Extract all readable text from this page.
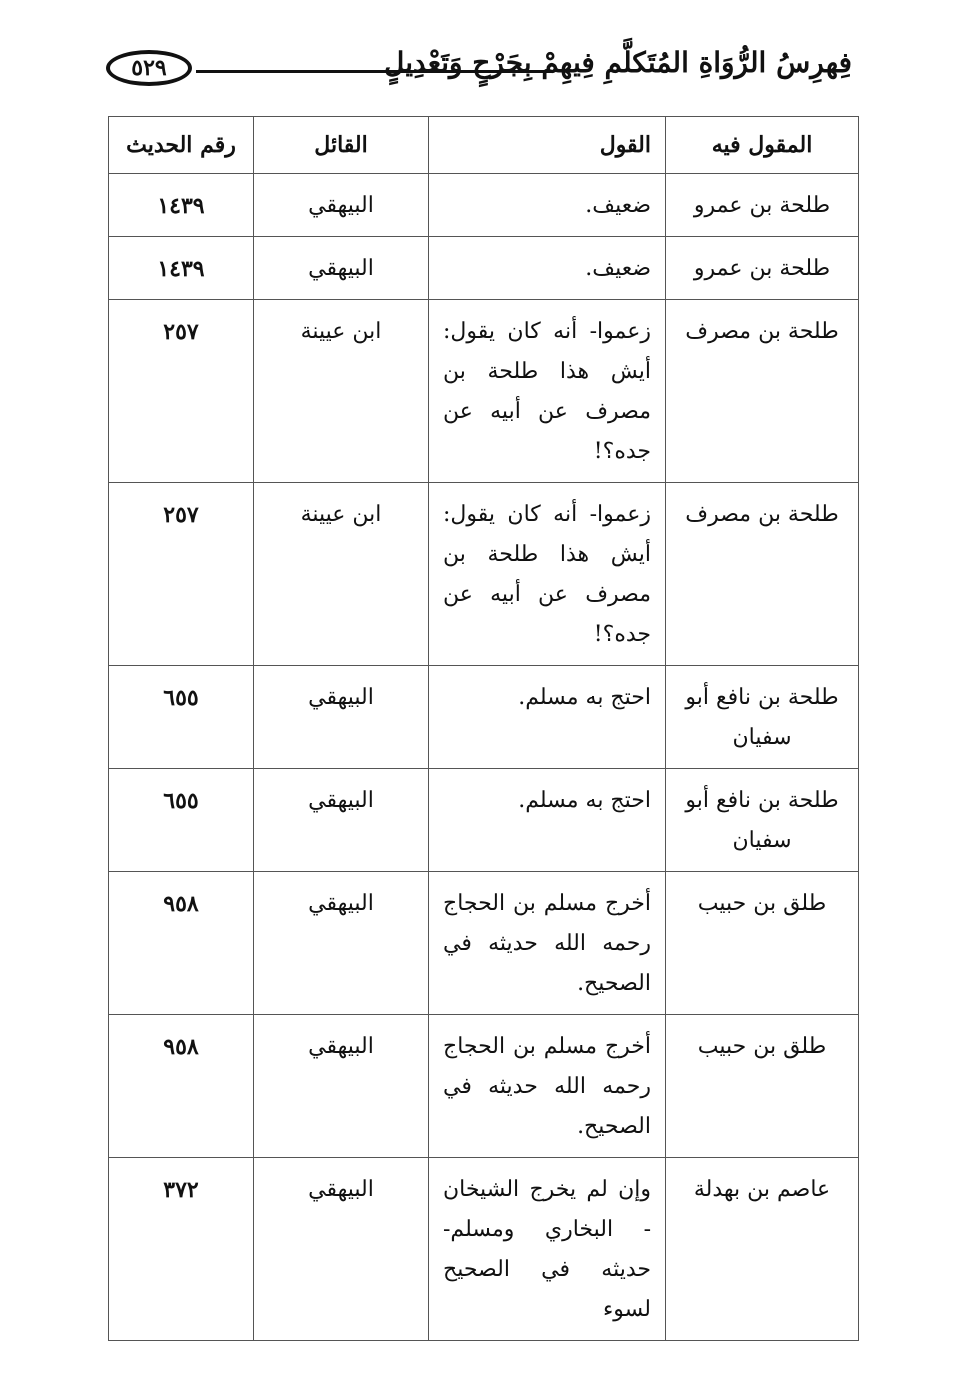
٥٢٩	فِهرِسُ الرُّوَاةِ المُتَكلَّمِ فِيهِمْ بِجَرْحٍ وَتَعْدِيلٍ
المقول فيه	القول	القائل	رقم الحديث
طلحة بن عمرو	ضعيف.	البيهقي	١٤٣٩
طلحة بن عمرو	ضعيف.	البيهقي	١٤٣٩
طلحة بن مصرف	زعموا- أنه كان يقول: أيش هذا طلحة بن مصرف عن أبيه عن جده؟!	ابن عيينة	٢٥٧
طلحة بن مصرف	زعموا- أنه كان يقول: أيش هذا طلحة بن مصرف عن أبيه عن جده؟!	ابن عيينة	٢٥٧
طلحة بن نافع أبو سفيان	احتج به مسلم.	البيهقي	٦٥٥
طلحة بن نافع أبو سفيان	احتج به مسلم.	البيهقي	٦٥٥
طلق بن حبيب	أخرج مسلم بن الحجاج رحمه الله حديثه في الصحيح.	البيهقي	٩٥٨
طلق بن حبيب	أخرج مسلم بن الحجاج رحمه الله حديثه في الصحيح.	البيهقي	٩٥٨
عاصم بن بهدلة	وإن لم يخرج الشيخان - البخاري ومسلم- حديثه في الصحيح لسوء	البيهقي	٣٧٢
